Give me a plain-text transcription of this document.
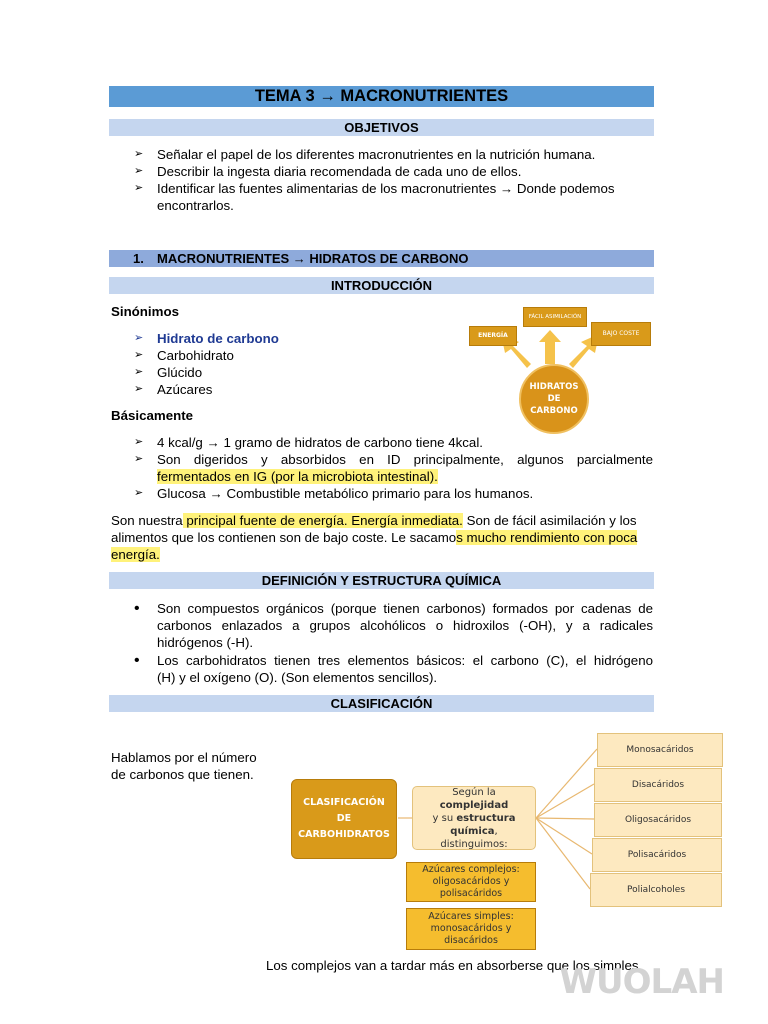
TEMA 3 → MACRONUTRIENTES
OBJETIVOS
➢ Señalar el papel de los diferentes macronutrientes en la nutrición humana.
➢ Describir la ingesta diaria recomendada de cada uno de ellos.
➢ Identificar las fuentes alimentarias de los macronutrientes → Donde podemos
encontrarlos.
1. MACRONUTRIENTES → HIDRATOS DE CARBONO
INTRODUCCIÓN
Sinónimos
➢ Hidrato de carbono
➢ Carbohidrato
➢ Glúcido
➢ Azúcares
ENERGÍA
FÁCIL ASIMILACIÓN
BAJO COSTE
HIDRATOS DE CARBONO
Básicamente
➢ 4 kcal/g → 1 gramo de hidratos de carbono tiene 4kcal.
➢ Son digeridos y absorbidos en ID principalmente, algunos parcialmente
fermentados en IG (por la microbiota intestinal).
➢ Glucosa → Combustible metabólico primario para los humanos.
Son nuestra principal fuente de energía. Energía inmediata. Son de fácil asimilación y los alimentos que los contienen son de bajo coste. Le sacamos mucho rendimiento con poca energía.
DEFINICIÓN Y ESTRUCTURA QUÍMICA
• Son compuestos orgánicos (porque tienen carbonos) formados por cadenas de
carbonos enlazados a grupos alcohólicos o hidroxilos (-OH), y a radicales
hidrógenos (-H).
• Los carbohidratos tienen tres elementos básicos: el carbono (C), el hidrógeno
(H) y el oxígeno (O). (Son elementos sencillos).
CLASIFICACIÓN
Hablamos por el número
de carbonos que tienen.
CLASIFICACIÓN DE CARBOHIDRATOS
Según la complejidad
y su estructura química, distinguimos:
Azúcares complejos: oligosacáridos y polisacáridos
Azúcares simples: monosacáridos y disacáridos
Monosacáridos
Disacáridos
Oligosacáridos
Polisacáridos
Polialcoholes
Los complejos van a tardar más en absorberse que los simples.
WUOLAH
